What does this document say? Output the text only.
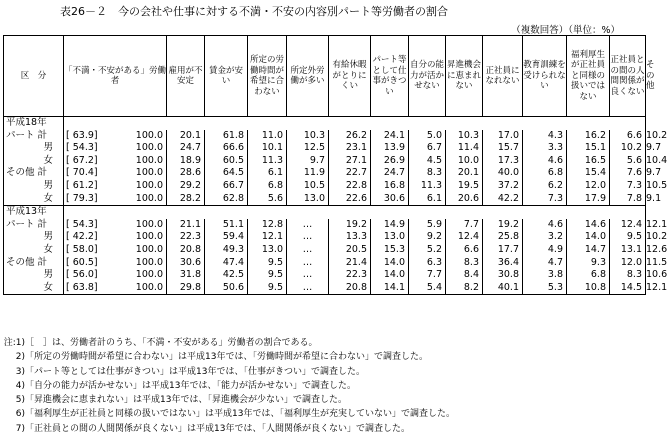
表26－２　今の会社や仕事に対する不満・不安の内容別パート等労働者の割合
（複数回答）（単位：%）
区　分	「不満・不安がある」労働者		雇用が不安定	賃金が安い	所定の労働時間が希望に合わない	所定外労働が多い	有給休暇がとりにくい	パート等として仕事がきつい	自分の能力が活かせない	昇進機会に恵まれない	正社員になれない	教育訓練を受けられない	福利厚生が正社員と同様の扱いではない	正社員との間の人間関係が良くない	その他
平成18年															
パート 計	[ 63.9]	100.0	20.1	61.8	11.0	10.3	26.2	24.1	5.0	10.3	17.0	4.3	16.2	6.6	10.2
男	[ 54.3]	100.0	24.7	66.6	10.1	12.5	23.1	13.9	6.7	11.4	15.7	3.3	15.1	10.2	9.7
女	[ 67.2]	100.0	18.9	60.5	11.3	9.7	27.1	26.9	4.5	10.0	17.3	4.6	16.5	5.6	10.4
その他 計	[ 70.4]	100.0	28.6	64.5	6.1	11.9	22.7	24.7	8.3	20.1	40.0	6.8	15.4	7.6	9.7
男	[ 61.2]	100.0	29.2	66.7	6.8	10.5	22.8	16.8	11.3	19.5	37.2	6.2	12.0	7.3	10.5
女	[ 79.3]	100.0	28.2	62.8	5.6	13.0	22.6	30.6	6.1	20.6	42.2	7.3	17.9	7.8	9.1
平成13年															
パート 計	[ 54.3]	100.0	21.1	51.1	12.8	…	19.2	14.9	5.9	7.7	19.2	4.6	14.6	12.4	12.1
男	[ 42.2]	100.0	22.3	59.4	12.1	…	13.3	13.0	9.2	12.4	25.8	3.2	14.0	9.5	10.2
女	[ 58.0]	100.0	20.8	49.3	13.0	…	20.5	15.3	5.2	6.6	17.7	4.9	14.7	13.1	12.6
その他 計	[ 60.5]	100.0	30.6	47.4	9.5	…	21.4	14.0	6.3	8.3	36.4	4.7	9.3	12.0	11.5
男	[ 56.0]	100.0	31.8	42.5	9.5	…	22.3	14.0	7.7	8.4	30.8	3.8	6.8	8.3	10.6
女	[ 63.8]	100.0	29.8	50.6	9.5	…	20.8	14.1	5.4	8.2	40.1	5.3	10.8	14.5	12.1
注:1)［　］は、労働者計のうち、「不満・不安がある」労働者の割合である。
2)「所定の労働時間が希望に合わない」は平成13年では、「労働時間が希望に合わない」で調査した。
3)「パート等としては仕事がきつい」は平成13年では、「仕事がきつい」で調査した。
4)「自分の能力が活かせない」は平成13年では、「能力が活かせない」で調査した。
5)「昇進機会に恵まれない」は平成13年では、「昇進機会が少ない」で調査した。
6)「福利厚生が正社員と同様の扱いではない」は平成13年では、「福利厚生が充実していない」で調査した。
7)「正社員との間の人間関係が良くない」は平成13年では、「人間関係が良くない」で調査した。
